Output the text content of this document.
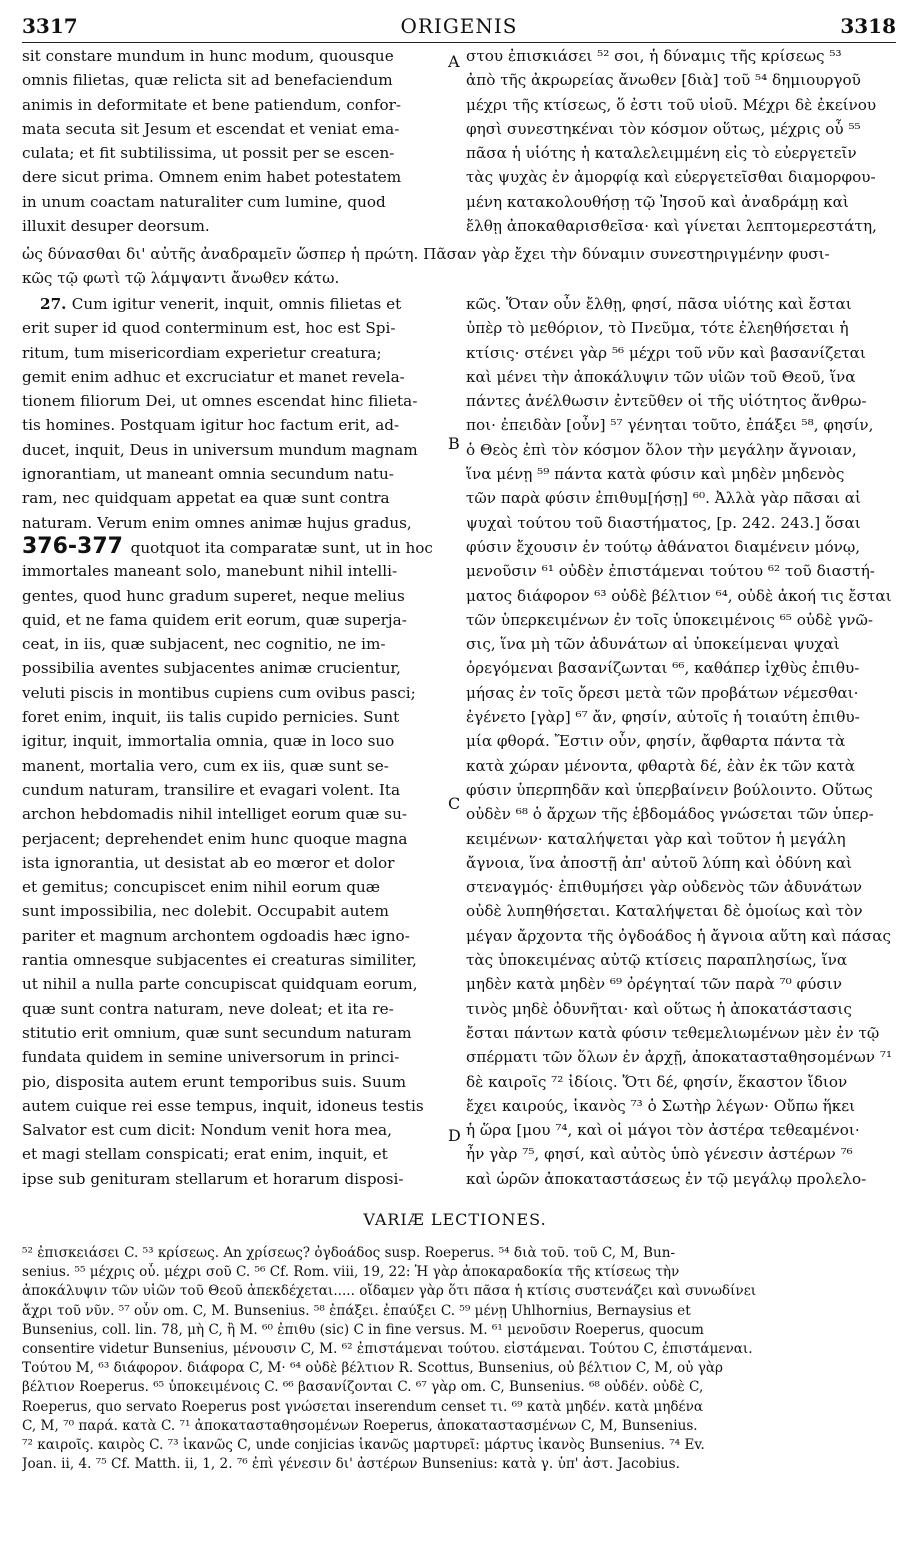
3317	ORIGENIS	3318
A
B
C
D
sit constare mundum in hunc modum, quousque
omnis filietas, quæ relicta sit ad benefaciendum
animis in deformitate et bene patiendum, confor-
mata secuta sit Jesum et escendat et veniat ema-
culata; et fit subtilissima, ut possit per se escen-
dere sicut prima. Omnem enim habet potestatem
in unum coactam naturaliter cum lumine, quod
illuxit desuper deorsum.
στου ἐπισκιάσει ⁵² σοι, ἡ δύναμις τῆς κρίσεως ⁵³
ἀπὸ τῆς ἀκρωρείας ἄνωθεν [διὰ] τοῦ ⁵⁴ δημιουργοῦ
μέχρι τῆς κτίσεως, ὅ ἐστι τοῦ υἱοῦ. Μέχρι δὲ ἐκείνου
φησὶ συνεστηκέναι τὸν κόσμον οὕτως, μέχρις οὗ ⁵⁵
πᾶσα ἡ υἱότης ἡ καταλελειμμένη εἰς τὸ εὐεργετεῖν
τὰς ψυχὰς ἐν ἀμορφίᾳ καὶ εὐεργετεῖσθαι διαμορφου-
μένη κατακολουθήσῃ τῷ Ἰησοῦ καὶ ἀναδράμῃ καὶ
ἔλθῃ ἀποκαθαρισθεῖσα· καὶ γίνεται λεπτομερεστάτη,
ὡς δύνασθαι δι' αὐτῆς ἀναδραμεῖν ὥσπερ ἡ πρώτη. Πᾶσαν γὰρ ἔχει τὴν δύναμιν συνεστηριγμένην φυσι-
κῶς τῷ φωτὶ τῷ λάμψαντι ἄνωθεν κάτω.
27. Cum igitur venerit, inquit, omnis filietas et
erit super id quod conterminum est, hoc est Spi-
ritum, tum misericordiam experietur creatura;
gemit enim adhuc et excruciatur et manet revela-
tionem filiorum Dei, ut omnes escendat hinc filieta-
tis homines. Postquam igitur hoc factum erit, ad-
ducet, inquit, Deus in universum mundum magnam
ignorantiam, ut maneant omnia secundum natu-
ram, nec quidquam appetat ea quæ sunt contra
naturam. Verum enim omnes animæ hujus gradus,
376-377 quotquot ita comparatæ sunt, ut in hoc
immortales maneant solo, manebunt nihil intelli-
gentes, quod hunc gradum superet, neque melius
quid, et ne fama quidem erit eorum, quæ superja-
ceat, in iis, quæ subjacent, nec cognitio, ne im-
possibilia aventes subjacentes animæ crucientur,
veluti piscis in montibus cupiens cum ovibus pasci;
foret enim, inquit, iis talis cupido pernicies. Sunt
igitur, inquit, immortalia omnia, quæ in loco suo
manent, mortalia vero, cum ex iis, quæ sunt se-
cundum naturam, transilire et evagari volent. Ita
archon hebdomadis nihil intelliget eorum quæ su-
perjacent; deprehendet enim hunc quoque magna
ista ignorantia, ut desistat ab eo mœror et dolor
et gemitus; concupiscet enim nihil eorum quæ
sunt impossibilia, nec dolebit. Occupabit autem
pariter et magnum archontem ogdoadis hæc igno-
rantia omnesque subjacentes ei creaturas similiter,
ut nihil a nulla parte concupiscat quidquam eorum,
quæ sunt contra naturam, neve doleat; et ita re-
stitutio erit omnium, quæ sunt secundum naturam
fundata quidem in semine universorum in princi-
pio, disposita autem erunt temporibus suis. Suum
autem cuique rei esse tempus, inquit, idoneus testis
Salvator est cum dicit: Nondum venit hora mea,
et magi stellam conspicati; erat enim, inquit, et
ipse sub genituram stellarum et horarum disposi-
κῶς. Ὅταν οὖν ἔλθῃ, φησί, πᾶσα υἱότης καὶ ἔσται
ὑπὲρ τὸ μεθόριον, τὸ Πνεῦμα, τότε ἐλεηθήσεται ἡ
κτίσις· στένει γὰρ ⁵⁶ μέχρι τοῦ νῦν καὶ βασανίζεται
καὶ μένει τὴν ἀποκάλυψιν τῶν υἱῶν τοῦ Θεοῦ, ἵνα
πάντες ἀνέλθωσιν ἐντεῦθεν οἱ τῆς υἱότητος ἄνθρω-
ποι· ἐπειδὰν [οὖν] ⁵⁷ γένηται τοῦτο, ἐπάξει ⁵⁸, φησίν,
ὁ Θεὸς ἐπὶ τὸν κόσμον ὅλον τὴν μεγάλην ἄγνοιαν,
ἵνα μένῃ ⁵⁹ πάντα κατὰ φύσιν καὶ μηδὲν μηδενὸς
τῶν παρὰ φύσιν ἐπιθυμ[ήσῃ] ⁶⁰. Ἀλλὰ γὰρ πᾶσαι αἱ
ψυχαὶ τούτου τοῦ διαστήματος, [p. 242. 243.] ὅσαι
φύσιν ἔχουσιν ἐν τούτῳ ἀθάνατοι διαμένειν μόνῳ,
μενοῦσιν ⁶¹ οὐδὲν ἐπιστάμεναι τούτου ⁶² τοῦ διαστή-
ματος διάφορον ⁶³ οὐδὲ βέλτιον ⁶⁴, οὐδὲ ἀκοή τις ἔσται
τῶν ὑπερκειμένων ἐν τοῖς ὑποκειμένοις ⁶⁵ οὐδὲ γνῶ-
σις, ἵνα μὴ τῶν ἀδυνάτων αἱ ὑποκείμεναι ψυχαὶ
ὀρεγόμεναι βασανίζωνται ⁶⁶, καθάπερ ἰχθὺς ἐπιθυ-
μήσας ἐν τοῖς ὄρεσι μετὰ τῶν προβάτων νέμεσθαι·
ἐγένετο [γὰρ] ⁶⁷ ἄν, φησίν, αὐτοῖς ἡ τοιαύτη ἐπιθυ-
μία φθορά. Ἔστιν οὖν, φησίν, ἄφθαρτα πάντα τὰ
κατὰ χώραν μένοντα, φθαρτὰ δέ, ἐὰν ἐκ τῶν κατὰ
φύσιν ὑπερπηδᾶν καὶ ὑπερβαίνειν βούλοιντο. Οὕτως
οὐδὲν ⁶⁸ ὁ ἄρχων τῆς ἑβδομάδος γνώσεται τῶν ὑπερ-
κειμένων· καταλήψεται γὰρ καὶ τοῦτον ἡ μεγάλη
ἄγνοια, ἵνα ἀποστῇ ἀπ' αὐτοῦ λύπη καὶ ὀδύνη καὶ
στεναγμός· ἐπιθυμήσει γὰρ οὐδενὸς τῶν ἀδυνάτων
οὐδὲ λυπηθήσεται. Καταλήψεται δὲ ὁμοίως καὶ τὸν
μέγαν ἄρχοντα τῆς ὀγδοάδος ἡ ἄγνοια αὕτη καὶ πάσας
τὰς ὑποκειμένας αὐτῷ κτίσεις παραπλησίως, ἵνα
μηδὲν κατὰ μηδὲν ⁶⁹ ὀρέγηταί τῶν παρὰ ⁷⁰ φύσιν
τινὸς μηδὲ ὀδυνῆται· καὶ οὕτως ἡ ἀποκατάστασις
ἔσται πάντων κατὰ φύσιν τεθεμελιωμένων μὲν ἐν τῷ
σπέρματι τῶν ὅλων ἐν ἀρχῇ, ἀποκατασταθησομένων ⁷¹
δὲ καιροῖς ⁷² ἰδίοις. Ὅτι δέ, φησίν, ἕκαστον ἴδιον
ἔχει καιρούς, ἱκανὸς ⁷³ ὁ Σωτὴρ λέγων· Οὔπω ἥκει
ἡ ὥρα [μου ⁷⁴, καὶ οἱ μάγοι τὸν ἀστέρα τεθεαμένοι·
ἦν γὰρ ⁷⁵, φησί, καὶ αὐτὸς ὑπὸ γένεσιν ἀστέρων ⁷⁶
καὶ ὡρῶν ἀποκαταστάσεως ἐν τῷ μεγάλῳ προλελο-
VARIÆ LECTIONES.
⁵² ἐπισκειάσει C. ⁵³ κρίσεως. An χρίσεως? ὀγδοάδος susp. Roeperus. ⁵⁴ διὰ τοῦ. τοῦ C, M, Bun-
senius. ⁵⁵ μέχρις οὗ. μέχρι σοῦ C. ⁵⁶ Cf. Rom. viii, 19, 22: Ἡ γὰρ ἀποκαραδοκία τῆς κτίσεως τὴν
ἀποκάλυψιν τῶν υἱῶν τοῦ Θεοῦ ἀπεκδέχεται..... οἴδαμεν γὰρ ὅτι πᾶσα ἡ κτίσις συστενάζει καὶ συνωδίνει
ἄχρι τοῦ νῦν. ⁵⁷ οὖν om. C, M. Bunsenius. ⁵⁸ ἐπάξει. ἐπαύξει C. ⁵⁹ μένῃ Uhlhornius, Bernaysius et
Bunsenius, coll. lin. 78, μὴ C, ἢ M. ⁶⁰ ἐπιθυ (sic) C in fine versus. M. ⁶¹ μενοῦσιν Roeperus, quocum
consentire videtur Bunsenius, μένουσιν C, M. ⁶² ἐπιστάμεναι τούτου. εἰστάμεναι. Τούτου C, ἐπιστάμεναι.
Τούτου M, ⁶³ διάφορον. διάφορα C, M· ⁶⁴ οὐδὲ βέλτιον R. Scottus, Bunsenius, οὐ βέλτιον C, M, οὐ γὰρ
βέλτιον Roeperus. ⁶⁵ ὑποκειμένοις C. ⁶⁶ βασανίζονται C. ⁶⁷ γὰρ om. C, Bunsenius. ⁶⁸ οὐδέν. οὐδὲ C,
Roeperus, quo servato Roeperus post γνώσεται inserendum censet τι. ⁶⁹ κατὰ μηδέν. κατὰ μηδένα
C, M, ⁷⁰ παρά. κατὰ C. ⁷¹ ἀποκατασταθησομένων Roeperus, ἀποκαταστασμένων C, M, Bunsenius.
⁷² καιροῖς. καιρὸς C. ⁷³ ἱκανῶς C, unde conjicias ἱκανῶς μαρτυρεῖ: μάρτυς ἱκανὸς Bunsenius. ⁷⁴ Ev.
Joan. ii, 4. ⁷⁵ Cf. Matth. ii, 1, 2. ⁷⁶ ἐπὶ γένεσιν δι' ἀστέρων Bunsenius: κατὰ γ. ὑπ' ἀστ. Jacobius.
